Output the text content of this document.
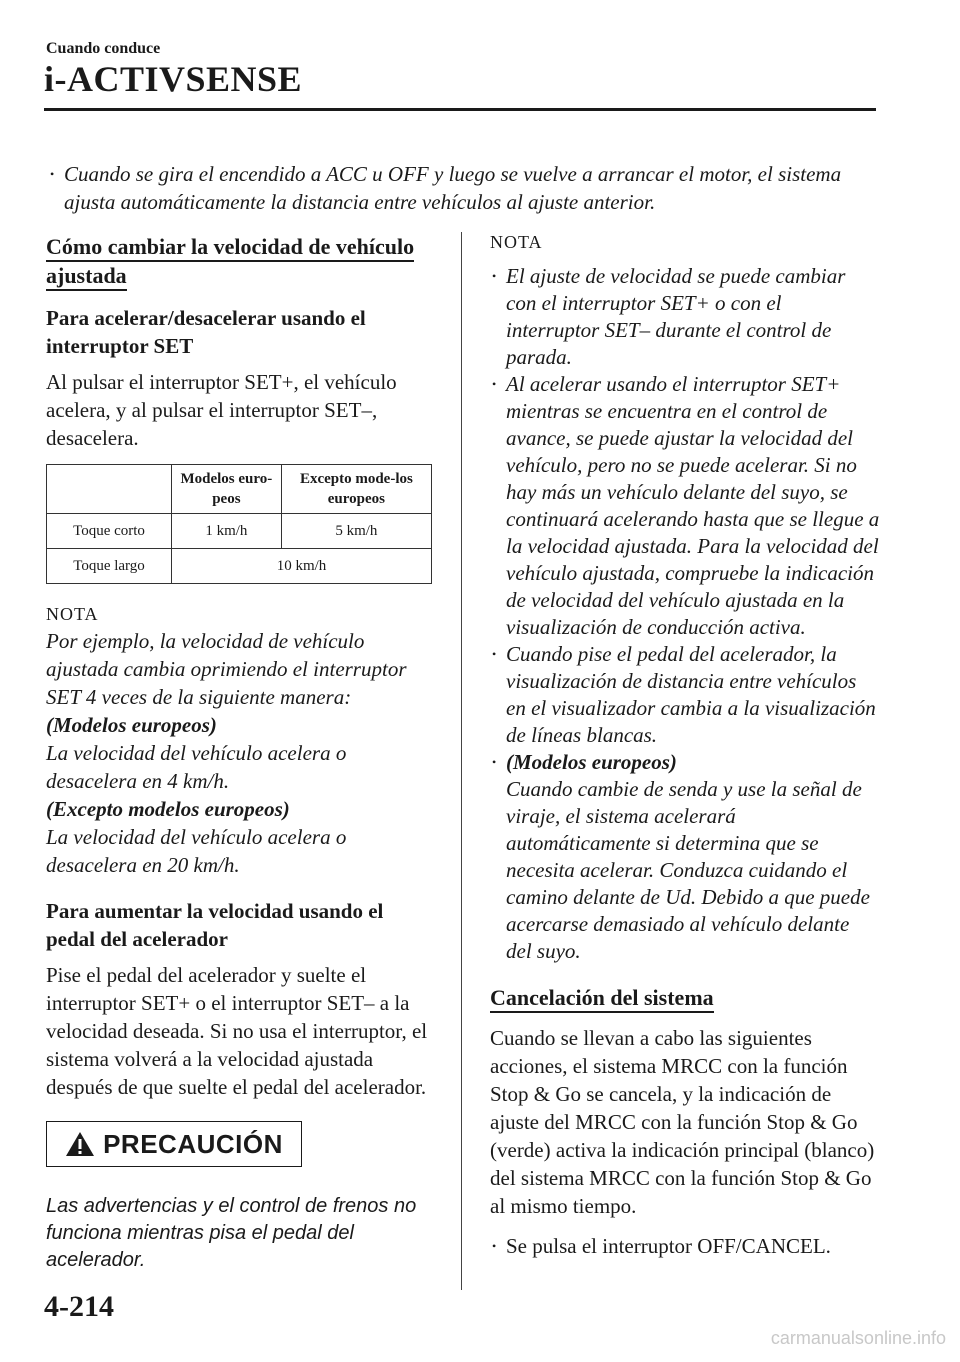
Cuando conduce
i-ACTIVSENSE
• Cuando se gira el encendido a ACC u OFF y luego se vuelve a arrancar el motor, el sistema ajusta automáticamente la distancia entre vehículos al ajuste anterior.
Cómo cambiar la velocidad de vehículo ajustada
Para acelerar/desacelerar usando el interruptor SET

Al pulsar el interruptor SET+, el vehículo acelera, y al pulsar el interruptor SET–, desacelera.

	Modelos euro-peos	Excepto mode-los europeos
Toque corto	1 km/h	5 km/h
Toque largo	10 km/h	
NOTA
Por ejemplo, la velocidad de vehículo ajustada cambia oprimiendo el interruptor SET 4 veces de la siguiente manera:
(Modelos europeos)
La velocidad del vehículo acelera o desacelera en 4 km/h.
(Excepto modelos europeos)
La velocidad del vehículo acelera o desacelera en 20 km/h.
Para aumentar la velocidad usando el pedal del acelerador

Pise el pedal del acelerador y suelte el interruptor SET+ o el interruptor SET– a la velocidad deseada. Si no usa el interruptor, el sistema volverá a la velocidad ajustada después de que suelte el pedal del acelerador.

PRECAUCIÓN
Las advertencias y el control de frenos no funciona mientras pisa el pedal del acelerador.
NOTA
• El ajuste de velocidad se puede cambiar con el interruptor SET+ o con el interruptor SET– durante el control de parada.
• Al acelerar usando el interruptor SET+ mientras se encuentra en el control de avance, se puede ajustar la velocidad del vehículo, pero no se puede acelerar. Si no hay más un vehículo delante del suyo, se continuará acelerando hasta que se llegue a la velocidad ajustada. Para la velocidad del vehículo ajustada, compruebe la indicación de velocidad del vehículo ajustada en la visualización de conducción activa.
• Cuando pise el pedal del acelerador, la visualización de distancia entre vehículos en el visualizador cambia a la visualización de líneas blancas.
• (Modelos europeos)
Cuando cambie de senda y use la señal de viraje, el sistema acelerará automáticamente si determina que se necesita acelerar. Conduzca cuidando el camino delante de Ud. Debido a que puede acercarse demasiado al vehículo delante del suyo.
Cancelación del sistema

Cuando se llevan a cabo las siguientes acciones, el sistema MRCC con la función Stop & Go se cancela, y la indicación de ajuste del MRCC con la función Stop & Go (verde) activa la indicación principal (blanco) del sistema MRCC con la función Stop & Go al mismo tiempo.

• Se pulsa el interruptor OFF/CANCEL.
4-214
carmanualsonline.info
